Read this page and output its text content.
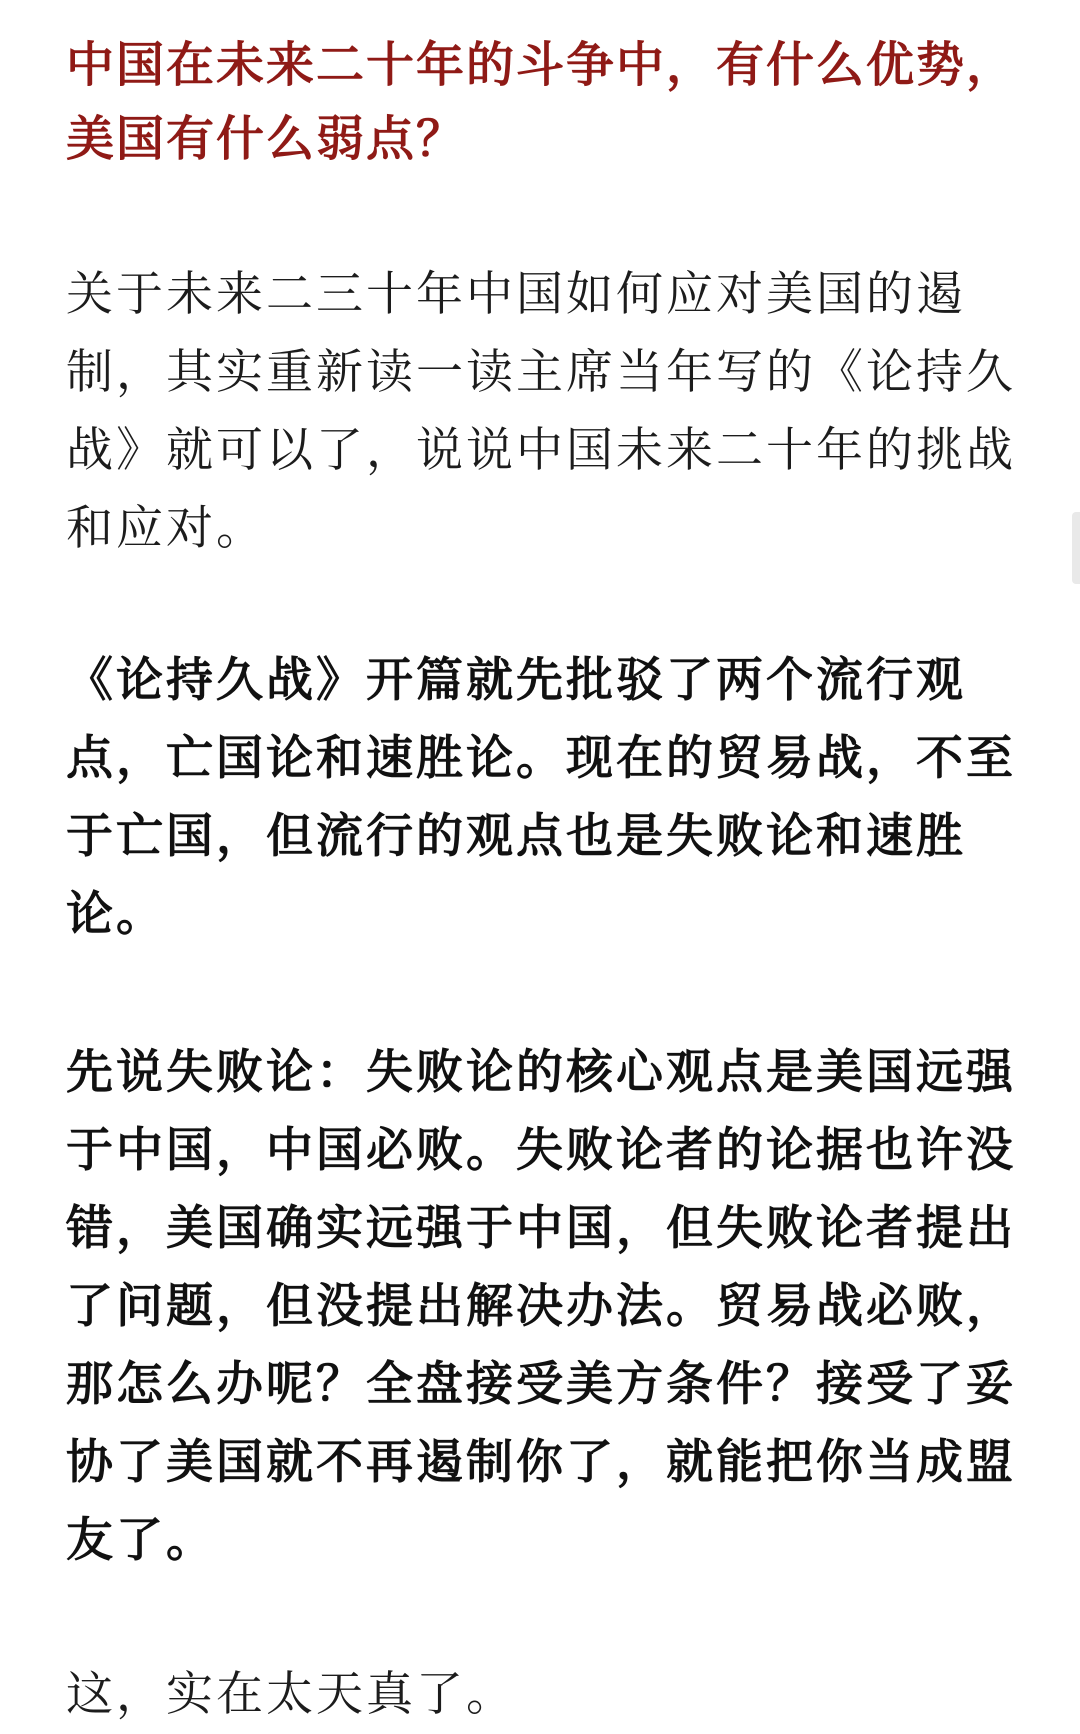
中国在未来二十年的斗争中，有什么优势，美国有什么弱点？

关于未来二三十年中国如何应对美国的遏制，其实重新读一读主席当年写的《论持久战》就可以了，说说中国未来二十年的挑战和应对。

《论持久战》开篇就先批驳了两个流行观点，亡国论和速胜论。现在的贸易战，不至于亡国，但流行的观点也是失败论和速胜论。

先说失败论：失败论的核心观点是美国远强于中国，中国必败。失败论者的论据也许没错，美国确实远强于中国，但失败论者提出了问题，但没提出解决办法。贸易战必败，那怎么办呢？全盘接受美方条件？接受了妥协了美国就不再遏制你了，就能把你当成盟友了。

这，实在太天真了。
